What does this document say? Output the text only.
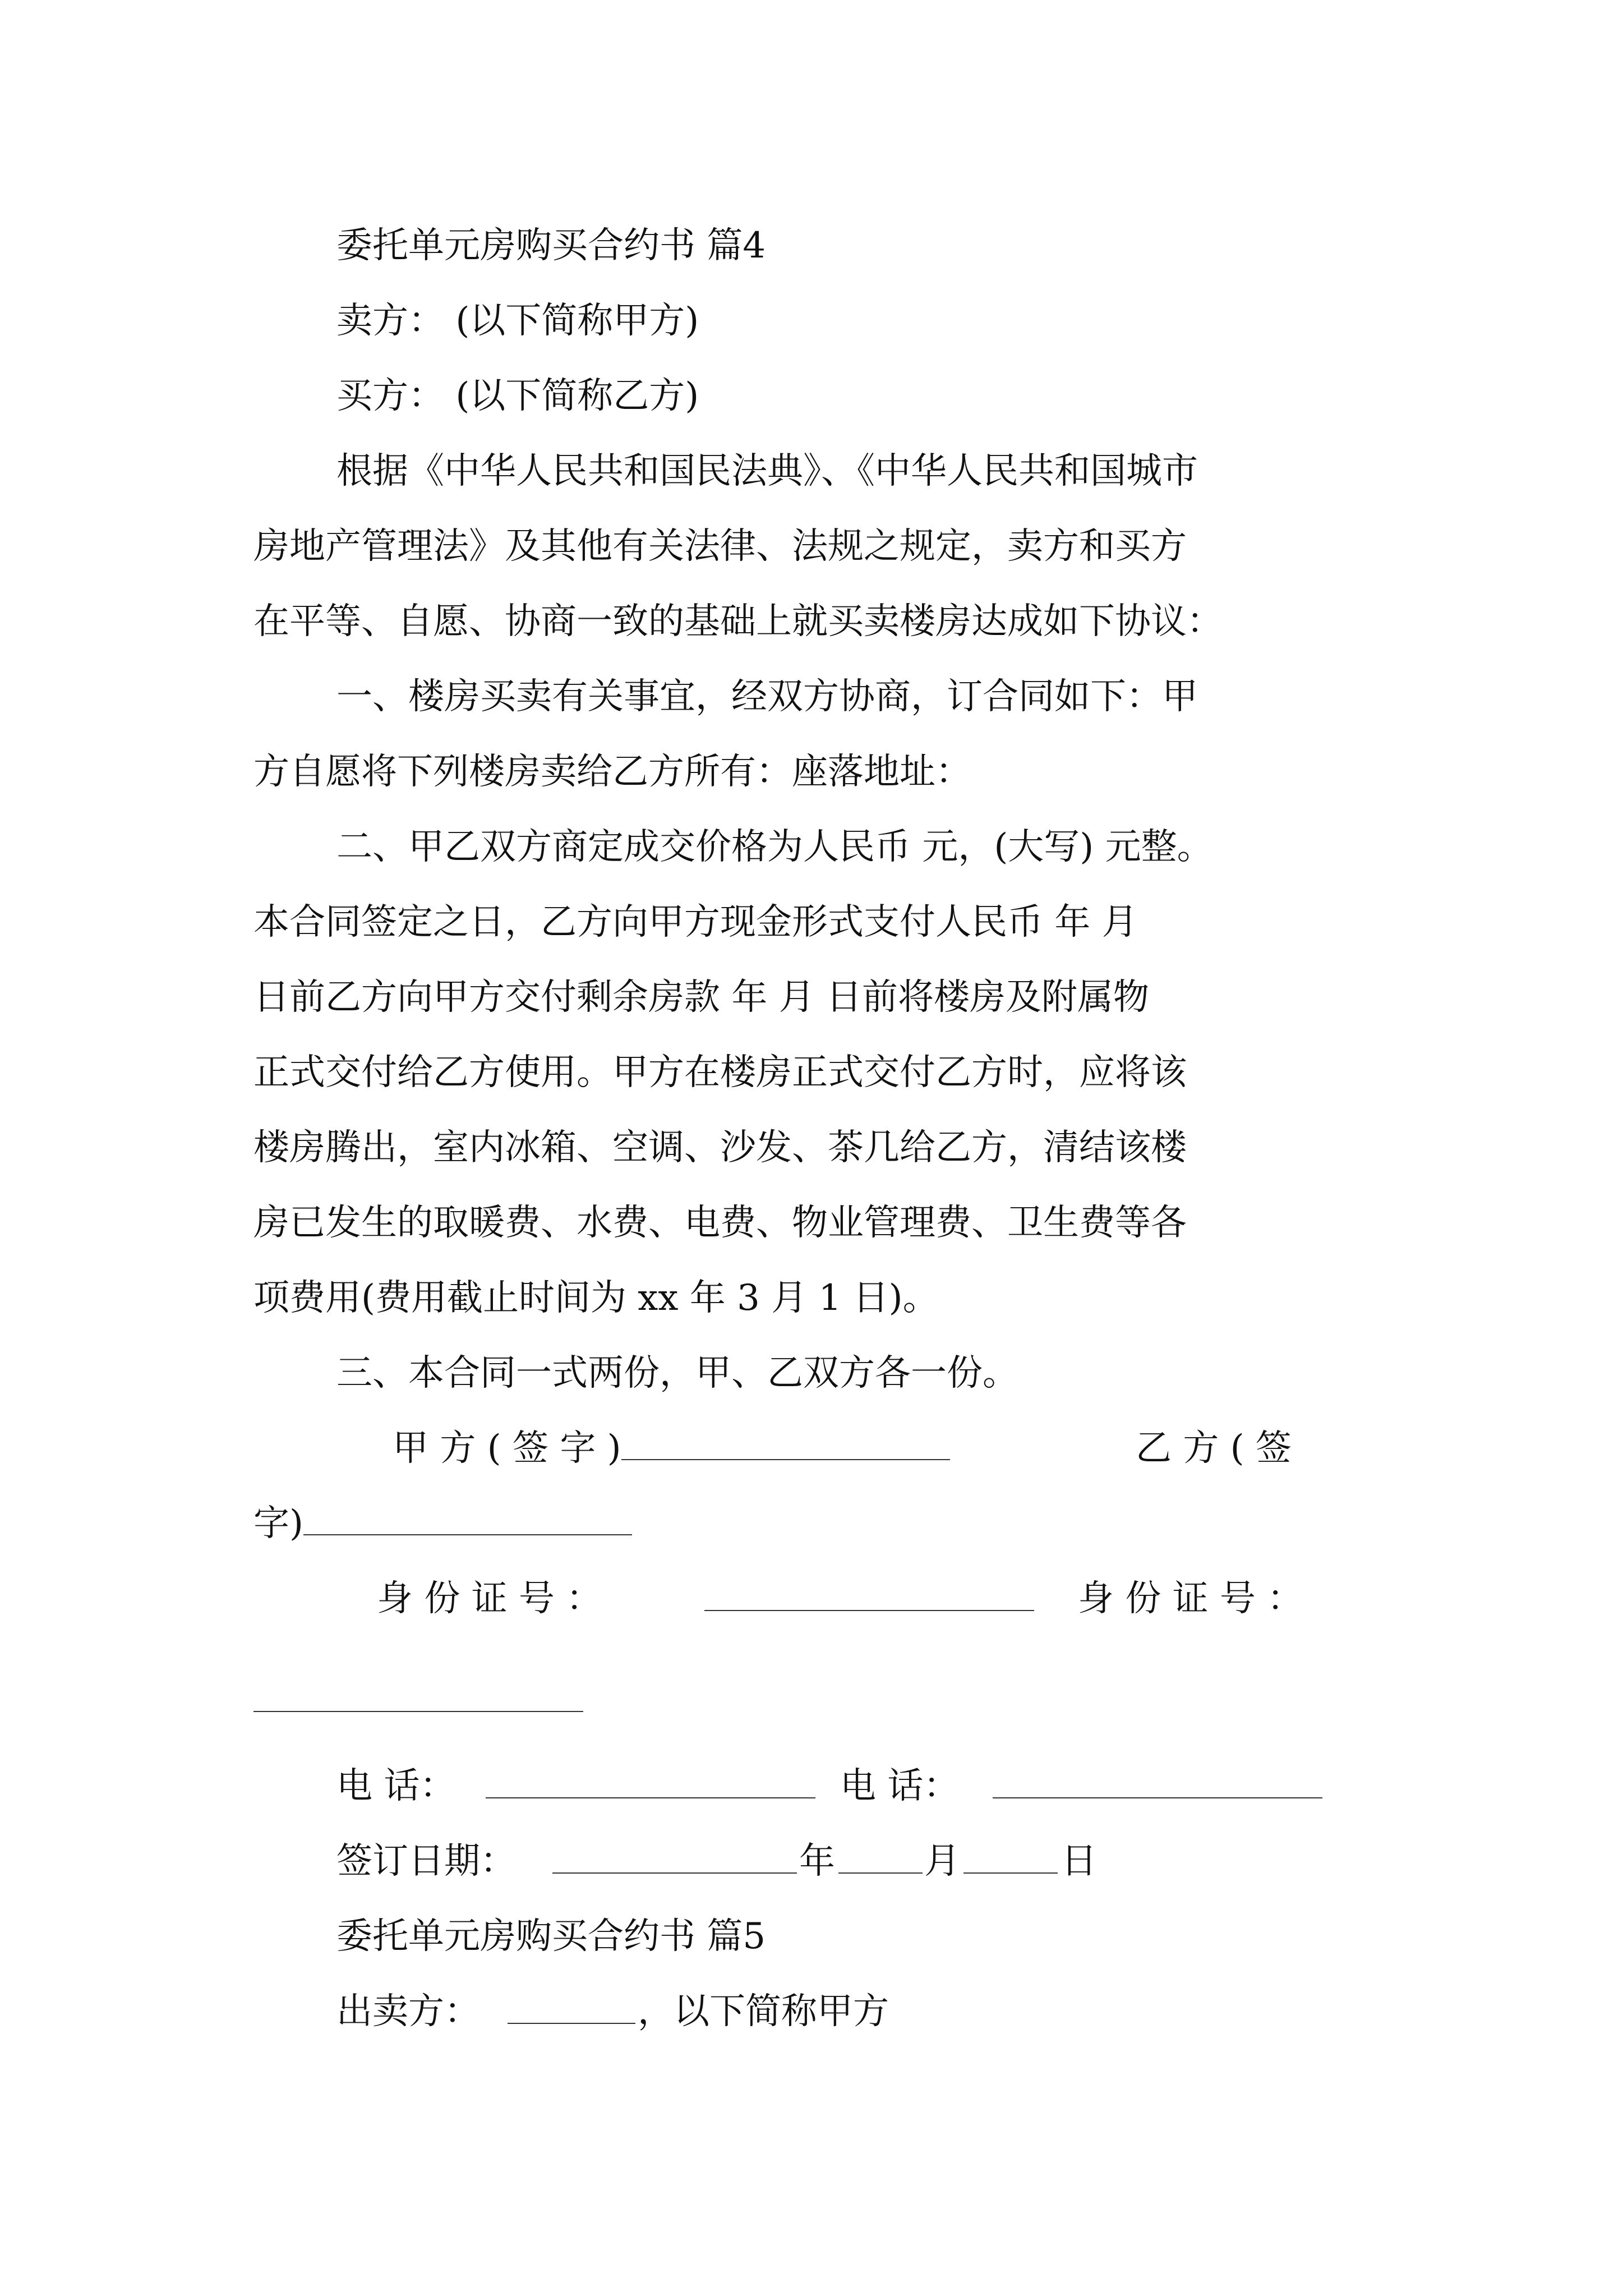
委托单元房购买合约书 篇4

卖方： (以下简称甲方)

买方： (以下简称乙方)

根据《中华人民共和国民法典》、《中华人民共和国城市

房地产管理法》及其他有关法律、法规之规定，卖方和买方

在平等、自愿、协商一致的基础上就买卖楼房达成如下协议：

一、楼房买卖有关事宜，经双方协商，订合同如下：甲

方自愿将下列楼房卖给乙方所有：座落地址：

二、甲乙双方商定成交价格为人民币 元，(大写) 元整。

本合同签定之日，乙方向甲方现金形式支付人民币 年 月

日前乙方向甲方交付剩余房款 年 月 日前将楼房及附属物

正式交付给乙方使用。甲方在楼房正式交付乙方时，应将该

楼房腾出，室内冰箱、空调、沙发、茶几给乙方，清结该楼

房已发生的取暖费、水费、电费、物业管理费、卫生费等各

项费用(费用截止时间为 xx 年 3 月 1 日)。

三、本合同一式两份，甲、乙双方各一份。

甲 方 ( 签 字 )	乙 方 ( 签

字)
身 份 证 号 ：	身 份 证 号 ：

电 话：	电 话：

签订日期：	年 月	日

委托单元房购买合约书 篇5

出卖方：	，以下简称甲方
